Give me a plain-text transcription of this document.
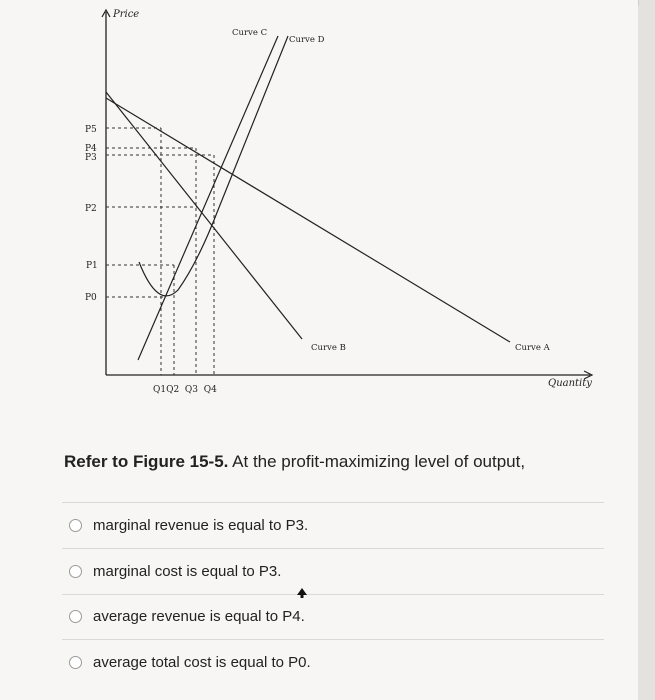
Price
Quantity
P5
P4
P3
P2
P1
P0
Q1Q2  Q3  Q4
Curve A
Curve B
Curve C
Curve D
Refer to Figure 15-5. At the profit-maximizing level of output,
marginal revenue is equal to P3.
marginal cost is equal to P3.
average revenue is equal to P4.
average total cost is equal to P0.
